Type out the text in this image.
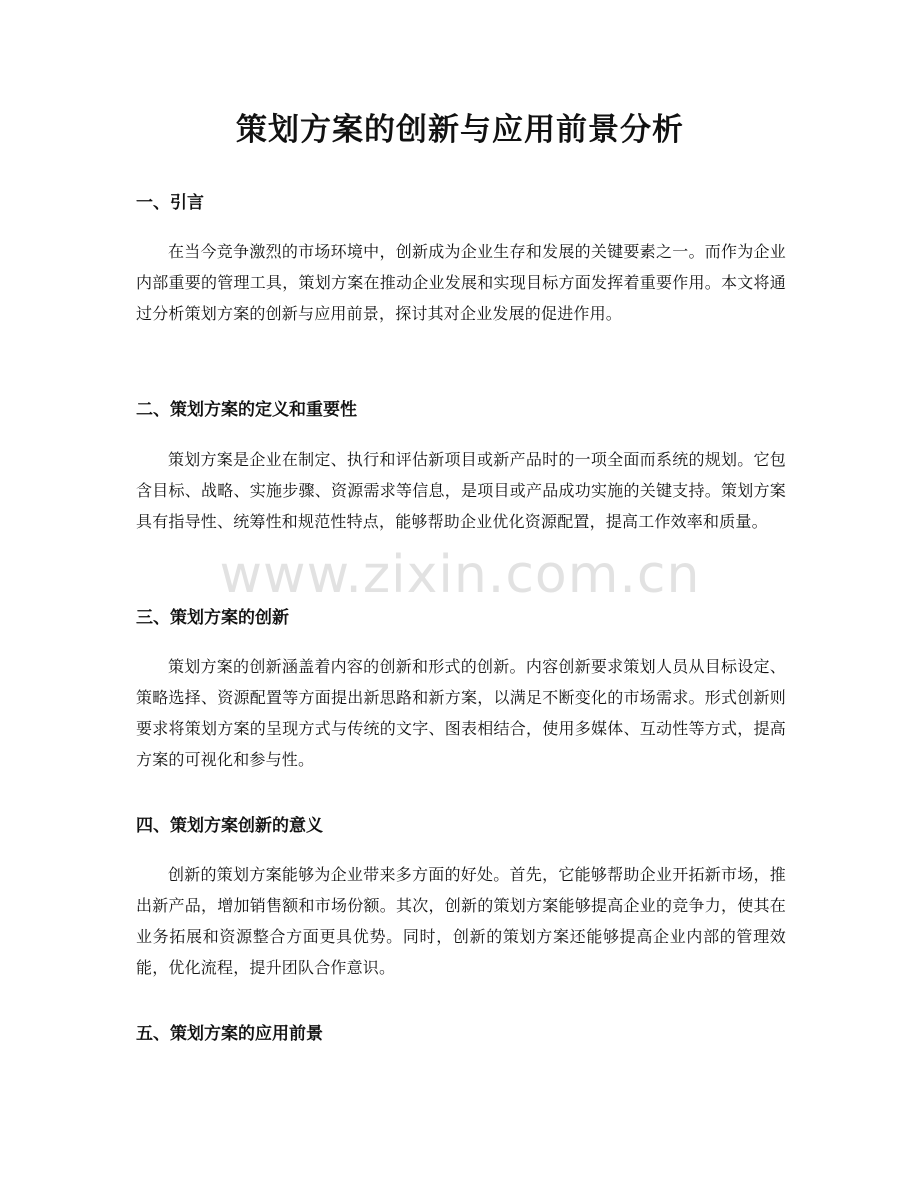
策划方案的创新与应用前景分析
一、引言

在当今竞争激烈的市场环境中，创新成为企业生存和发展的关键要素之一。而作为企业内部重要的管理工具，策划方案在推动企业发展和实现目标方面发挥着重要作用。本文将通过分析策划方案的创新与应用前景，探讨其对企业发展的促进作用。

二、策划方案的定义和重要性

策划方案是企业在制定、执行和评估新项目或新产品时的一项全面而系统的规划。它包含目标、战略、实施步骤、资源需求等信息，是项目或产品成功实施的关键支持。策划方案具有指导性、统筹性和规范性特点，能够帮助企业优化资源配置，提高工作效率和质量。

三、策划方案的创新

策划方案的创新涵盖着内容的创新和形式的创新。内容创新要求策划人员从目标设定、策略选择、资源配置等方面提出新思路和新方案，以满足不断变化的市场需求。形式创新则要求将策划方案的呈现方式与传统的文字、图表相结合，使用多媒体、互动性等方式，提高方案的可视化和参与性。

四、策划方案创新的意义

创新的策划方案能够为企业带来多方面的好处。首先，它能够帮助企业开拓新市场，推出新产品，增加销售额和市场份额。其次，创新的策划方案能够提高企业的竞争力，使其在业务拓展和资源整合方面更具优势。同时，创新的策划方案还能够提高企业内部的管理效能，优化流程，提升团队合作意识。

五、策划方案的应用前景
www.zixin.com.cn
